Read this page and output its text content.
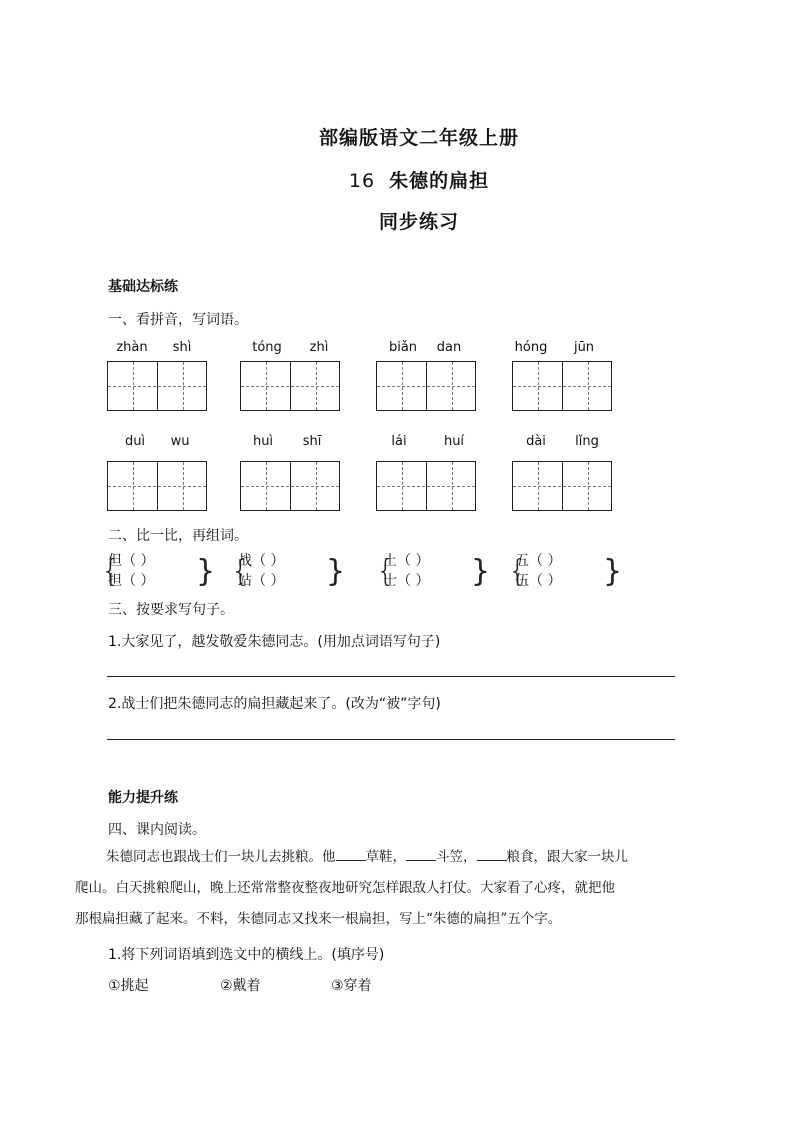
部编版语文二年级上册
16 朱德的扁担
同步练习
基础达标练
一、看拼音，写词语。
zhàn	shì	tóng	zhì	biǎn	dan	hóng	jūn
duì	wu	huì	shī	lái	huí	dài	lǐng
二、比一比，再组词。
{
但（ ）
担（ ）	} {
战（ ）
站（ ）	} {
土（ ）
士（ ）	} {
五（ ）
伍（ ）	}
三、按要求写句子。
1.大家见了，越发敬爱朱德同志。(用加点词语写句子)
2.战士们把朱德同志的扁担藏起来了。(改为“被”字句)
能力提升练
四、课内阅读。
朱德同志也跟战士们一块儿去挑粮。他 草鞋， 斗笠， 粮食，跟大家一块儿
爬山。白天挑粮爬山，晚上还常常整夜整夜地研究怎样跟敌人打仗。大家看了心疼，就把他
那根扁担藏了起来。不料，朱德同志又找来一根扁担，写上“朱德的扁担”五个字。
1.将下列词语填到选文中的横线上。(填序号)
①挑起	②戴着	③穿着
